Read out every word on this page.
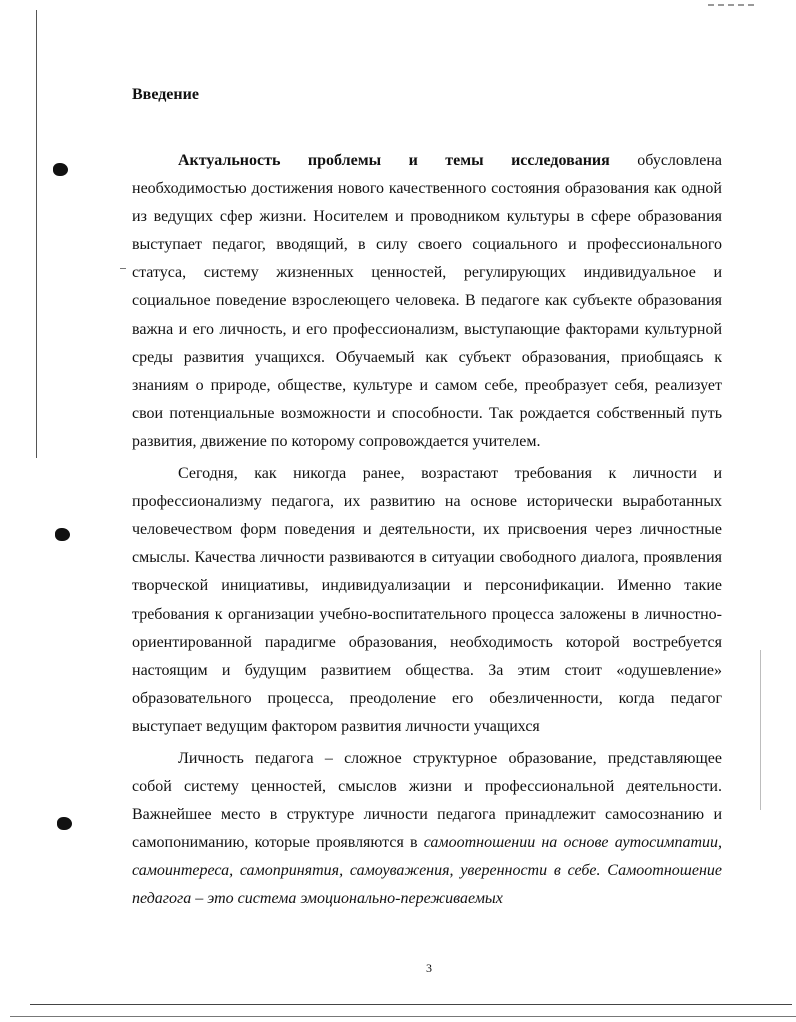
Введение

Актуальность проблемы и темы исследования обусловлена необходимостью достижения нового качественного состояния образования как одной из ведущих сфер жизни. Носителем и проводником культуры в сфере образования выступает педагог, вводящий, в силу своего социального и профессионального статуса, систему жизненных ценностей, регулирующих индивидуальное и социальное поведение взрослеющего человека. В педагоге как субъекте образования важна и его личность, и его профессионализм, выступающие факторами культурной среды развития учащихся. Обучаемый как субъект образования, приобщаясь к знаниям о природе, обществе, культуре и самом себе, преобразует себя, реализует свои потенциальные возможности и способности. Так рождается собственный путь развития, движение по которому сопровождается учителем.

Сегодня, как никогда ранее, возрастают требования к личности и профессионализму педагога, их развитию на основе исторически выработанных человечеством форм поведения и деятельности, их присвоения через личностные смыслы. Качества личности развиваются в ситуации свободного диалога, проявления творческой инициативы, индивидуализации и персонификации. Именно такие требования к организации учебно-воспитательного процесса заложены в личностно-ориентированной парадигме образования, необходимость которой востребуется настоящим и будущим развитием общества. За этим стоит «одушевление» образовательного процесса, преодоление его обезличенности, когда педагог выступает ведущим фактором развития личности учащихся

Личность педагога – сложное структурное образование, представляющее собой систему ценностей, смыслов жизни и профессиональной деятельности. Важнейшее место в структуре личности педагога принадлежит самосознанию и самопониманию, которые проявляются в самоотношении на основе аутосимпатии, самоинтереса, самопринятия, самоуважения, уверенности в себе. Самоотношение педагога – это система эмоционально-переживаемых

3
